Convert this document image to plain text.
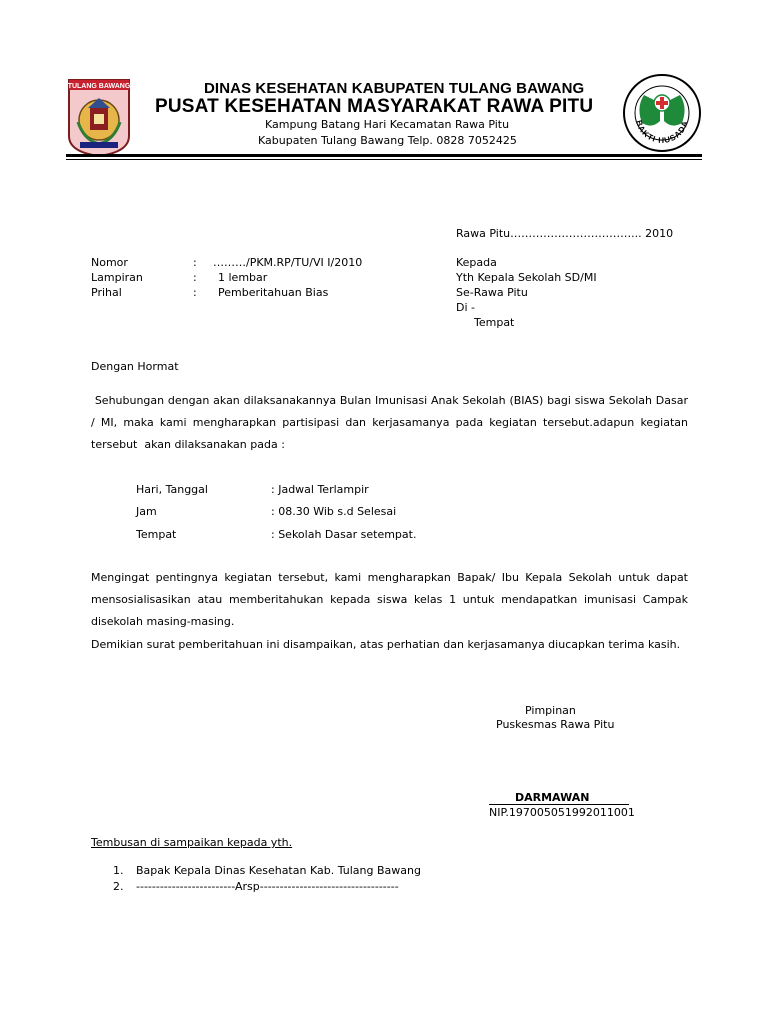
TULANG BAWANG
BAKTI HUSADA
DINAS KESEHATAN KABUPATEN TULANG BAWANG
PUSAT KESEHATAN MASYARAKAT RAWA PITU
Kampung Batang Hari Kecamatan Rawa Pitu
Kabupaten Tulang Bawang Telp. 0828 7052425
Rawa Pitu……………………………... 2010
Nomor	: ………/PKM.RP/TU/VI I/2010
Lampiran	: 1 lembar
Prihal	: Pemberitahuan Bias
Kepada
Yth Kepala Sekolah SD/MI
Se-Rawa Pitu
Di -
Tempat
Dengan Hormat
Sehubungan dengan akan dilaksanakannya Bulan Imunisasi Anak Sekolah (BIAS) bagi siswa Sekolah Dasar / MI, maka kami mengharapkan partisipasi dan kerjasamanya pada kegiatan tersebut.adapun kegiatan tersebut  akan dilaksanakan pada :
Hari, Tanggal	: Jadwal Terlampir
Jam	: 08.30 Wib s.d Selesai
Tempat	: Sekolah Dasar setempat.
Mengingat pentingnya kegiatan tersebut, kami mengharapkan Bapak/ Ibu Kepala Sekolah untuk dapat mensosialisasikan atau memberitahukan kepada siswa kelas 1 untuk mendapatkan imunisasi Campak disekolah masing-masing.
Demikian surat pemberitahuan ini disampaikan, atas perhatian dan kerjasamanya diucapkan terima kasih.
Pimpinan
Puskesmas Rawa Pitu
DARMAWAN
NIP.197005051992011001
Tembusan di sampaikan kepada yth.
1. Bapak Kepala Dinas Kesehatan Kab. Tulang Bawang
2. -------------------------Arsp-----------------------------------
